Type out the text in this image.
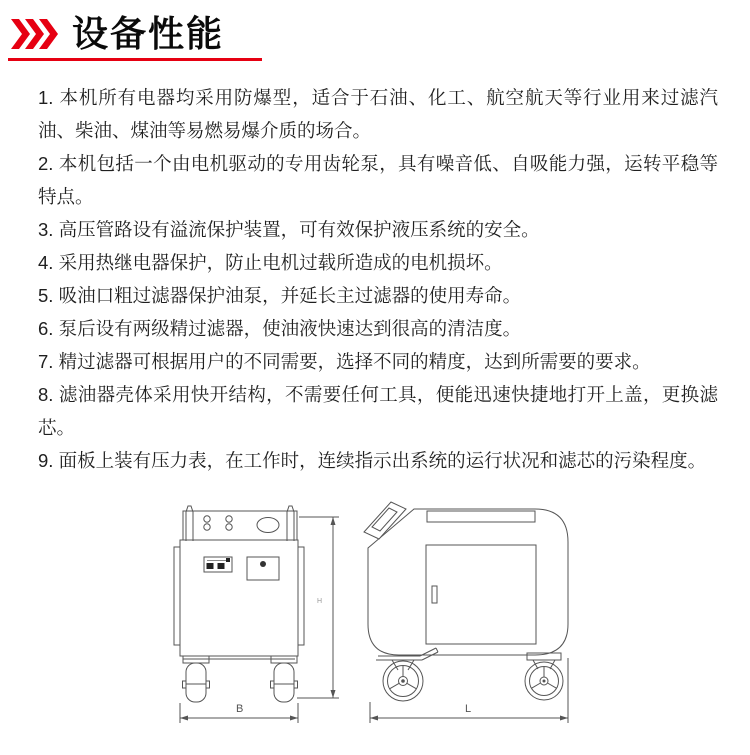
设备性能

1. 本机所有电器均采用防爆型，适合于石油、化工、航空航天等行业用来过滤汽油、柴油、煤油等易燃易爆介质的场合。

2. 本机包括一个由电机驱动的专用齿轮泵，具有噪音低、自吸能力强，运转平稳等特点。

3. 高压管路设有溢流保护装置，可有效保护液压系统的安全。

4. 采用热继电器保护，防止电机过载所造成的电机损坏。

5. 吸油口粗过滤器保护油泵，并延长主过滤器的使用寿命。

6. 泵后设有两级精过滤器，使油液快速达到很高的清洁度。

7. 精过滤器可根据用户的不同需要，选择不同的精度，达到所需要的要求。

8. 滤油器壳体采用快开结构，不需要任何工具，便能迅速快捷地打开上盖，更换滤芯。

9. 面板上装有压力表，在工作时，连续指示出系统的运行状况和滤芯的污染程度。

H
B	L
